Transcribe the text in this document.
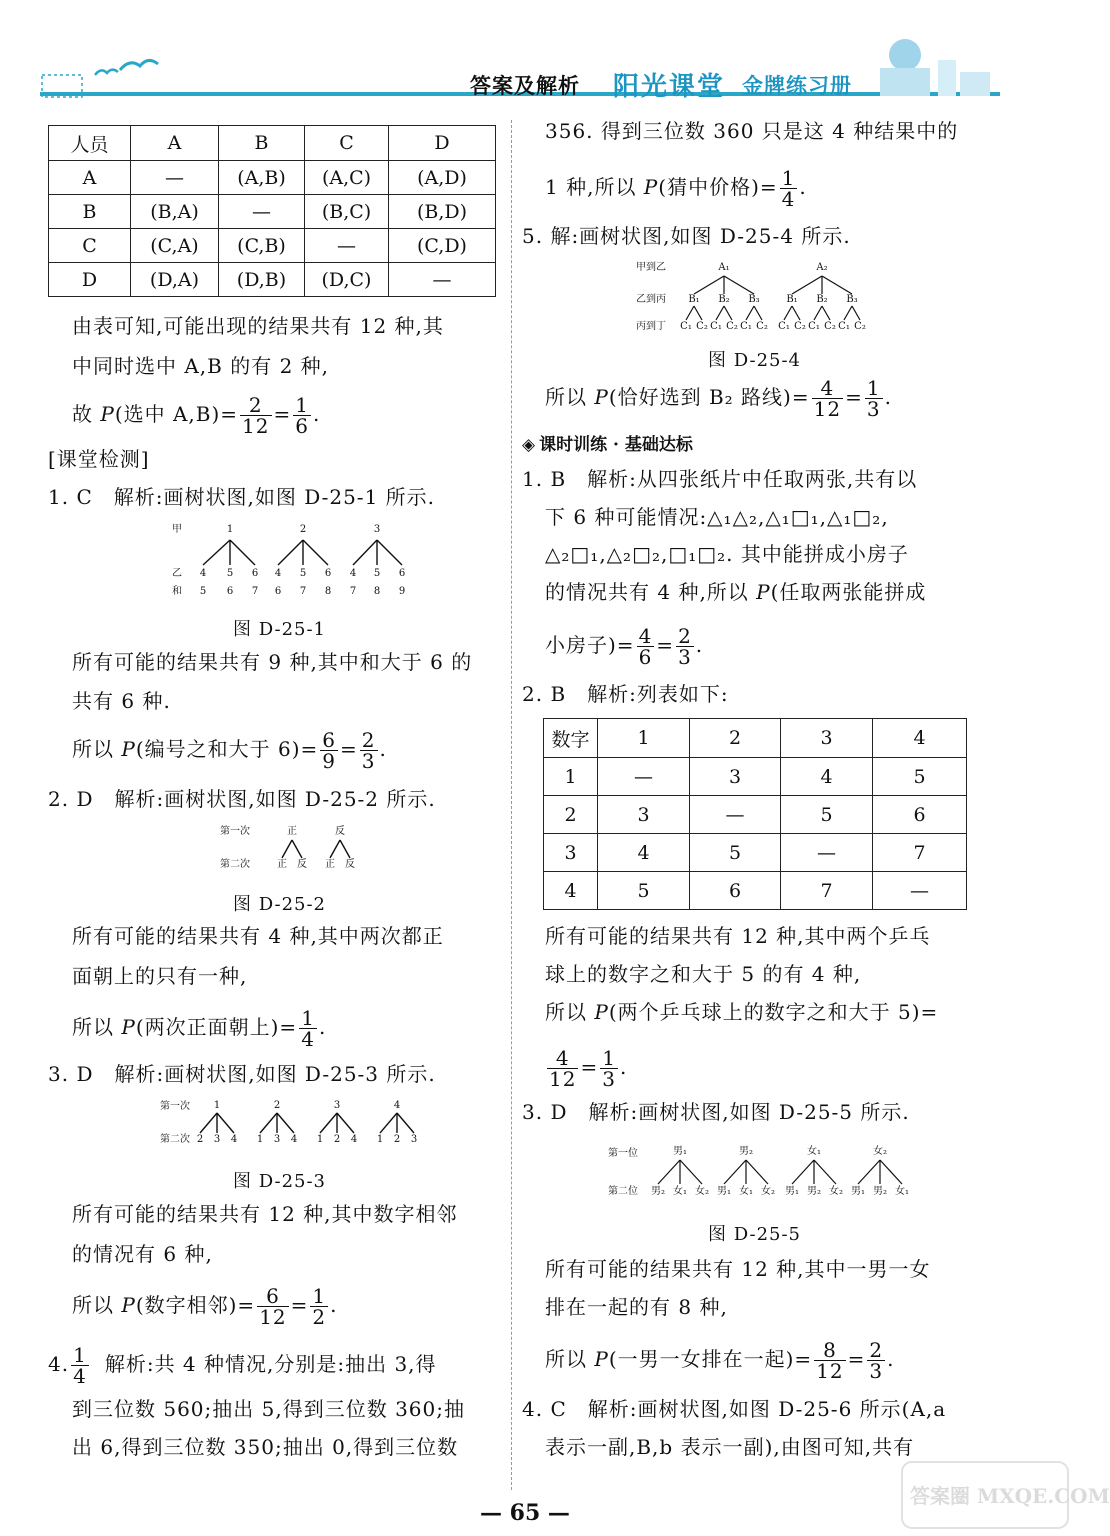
答案及解析 阳光课堂 金牌练习册
人员	A	B	C	D
A	—	(A,B)	(A,C)	(A,D)
B	(B,A)	—	(B,C)	(B,D)
C	(C,A)	(C,B)	—	(C,D)
D	(D,A)	(D,B)	(D,C)	—
由表可知,可能出现的结果共有 12 种,其
中同时选中 A,B 的有 2 种,
故 P(选中 $A,B)= \frac{2}{12} = \frac{1}{6}$ .
[课堂检测]
1. C　解析:画树状图,如图 D-25-1 所示.
甲
乙
和
1	2	3
4 5 6 4 5 6 4 5 6
5 6 7 6 7 8 7 8 9
图 D-25-1
所有可能的结果共有 9 种,其中和大于 6 的
共有 6 种.
所以 P(编号之和大于 $6)= \frac{6}{9} = \frac{2}{3}$ .
2. D　解析:画树状图,如图 D-25-2 所示.
第一次
第二次
正	反
正 反 正 反
图 D-25-2
所有可能的结果共有 4 种,其中两次都正
面朝上的只有一种,
所以 P(两次正面朝上)= $\frac{1}{4}$ .
3. D　解析:画树状图,如图 D-25-3 所示.
第一次
第二次
1	2	3	4
2 3 4 1 3 4 1 2 4 1 2 3
图 D-25-3
所有可能的结果共有 12 种,其中数字相邻
的情况有 6 种,
所以 P(数字相邻)= $\frac{6}{12} = \frac{1}{2}$ .
4. $\frac{1}{4}$ 解析:共 4 种情况,分别是:抽出 3,得
到三位数 560;抽出 5,得到三位数 360;抽
出 6,得到三位数 350;抽出 0,得到三位数
356. 得到三位数 360 只是这 4 种结果中的
1 种,所以 P(猜中价格)= $\frac{1}{4}$ .
5. 解:画树状图,如图 D-25-4 所示.
甲到乙
乙到丙
丙到丁
A₁	A₂
B₁ B₂ B₃	B₁ B₂ B₃
C₁ C₂ C₁ C₂ C₁ C₂ C₁ C₂ C₁ C₂ C₁ C₂
图 D-25-4
所以 P(恰好选到 B₂ 路线)= $\frac{4}{12} = \frac{1}{3}$ .
◈ 课时训练 · 基础达标
1. B　解析:从四张纸片中任取两张,共有以
下 6 种可能情况:△₁△₂,△₁□₁,△₁□₂,
△₂□₁,△₂□₂,□₁□₂. 其中能拼成小房子
的情况共有 4 种,所以 P(任取两张能拼成
小房子)= $\frac{4}{6} = \frac{2}{3}$ .
2. B　解析:列表如下:
数字	1	2	3	4
1	—	3	4	5
2	3	—	5	6
3	4	5	—	7
4	5	6	7	—
所有可能的结果共有 12 种,其中两个乒乓
球上的数字之和大于 5 的有 4 种,
所以 P(两个乒乓球上的数字之和大于 5)=
$\frac{4}{12} = \frac{1}{3}$ .
3. D　解析:画树状图,如图 D-25-5 所示.
第一位
第二位
男₁	男₂	女₁	女₂
男₂ 女₁ 女₂ 男₁ 女₁ 女₂ 男₁ 男₂ 女₂ 男₁ 男₂ 女₁
图 D-25-5
所有可能的结果共有 12 种,其中一男一女
排在一起的有 8 种,
所以 P(一男一女排在一起)= $\frac{8}{12} = \frac{2}{3}$ .
4. C　解析:画树状图,如图 D-25-6 所示(A,a
表示一副,B,b 表示一副),由图可知,共有
— 65 —
答案圈 MXQE.COM
